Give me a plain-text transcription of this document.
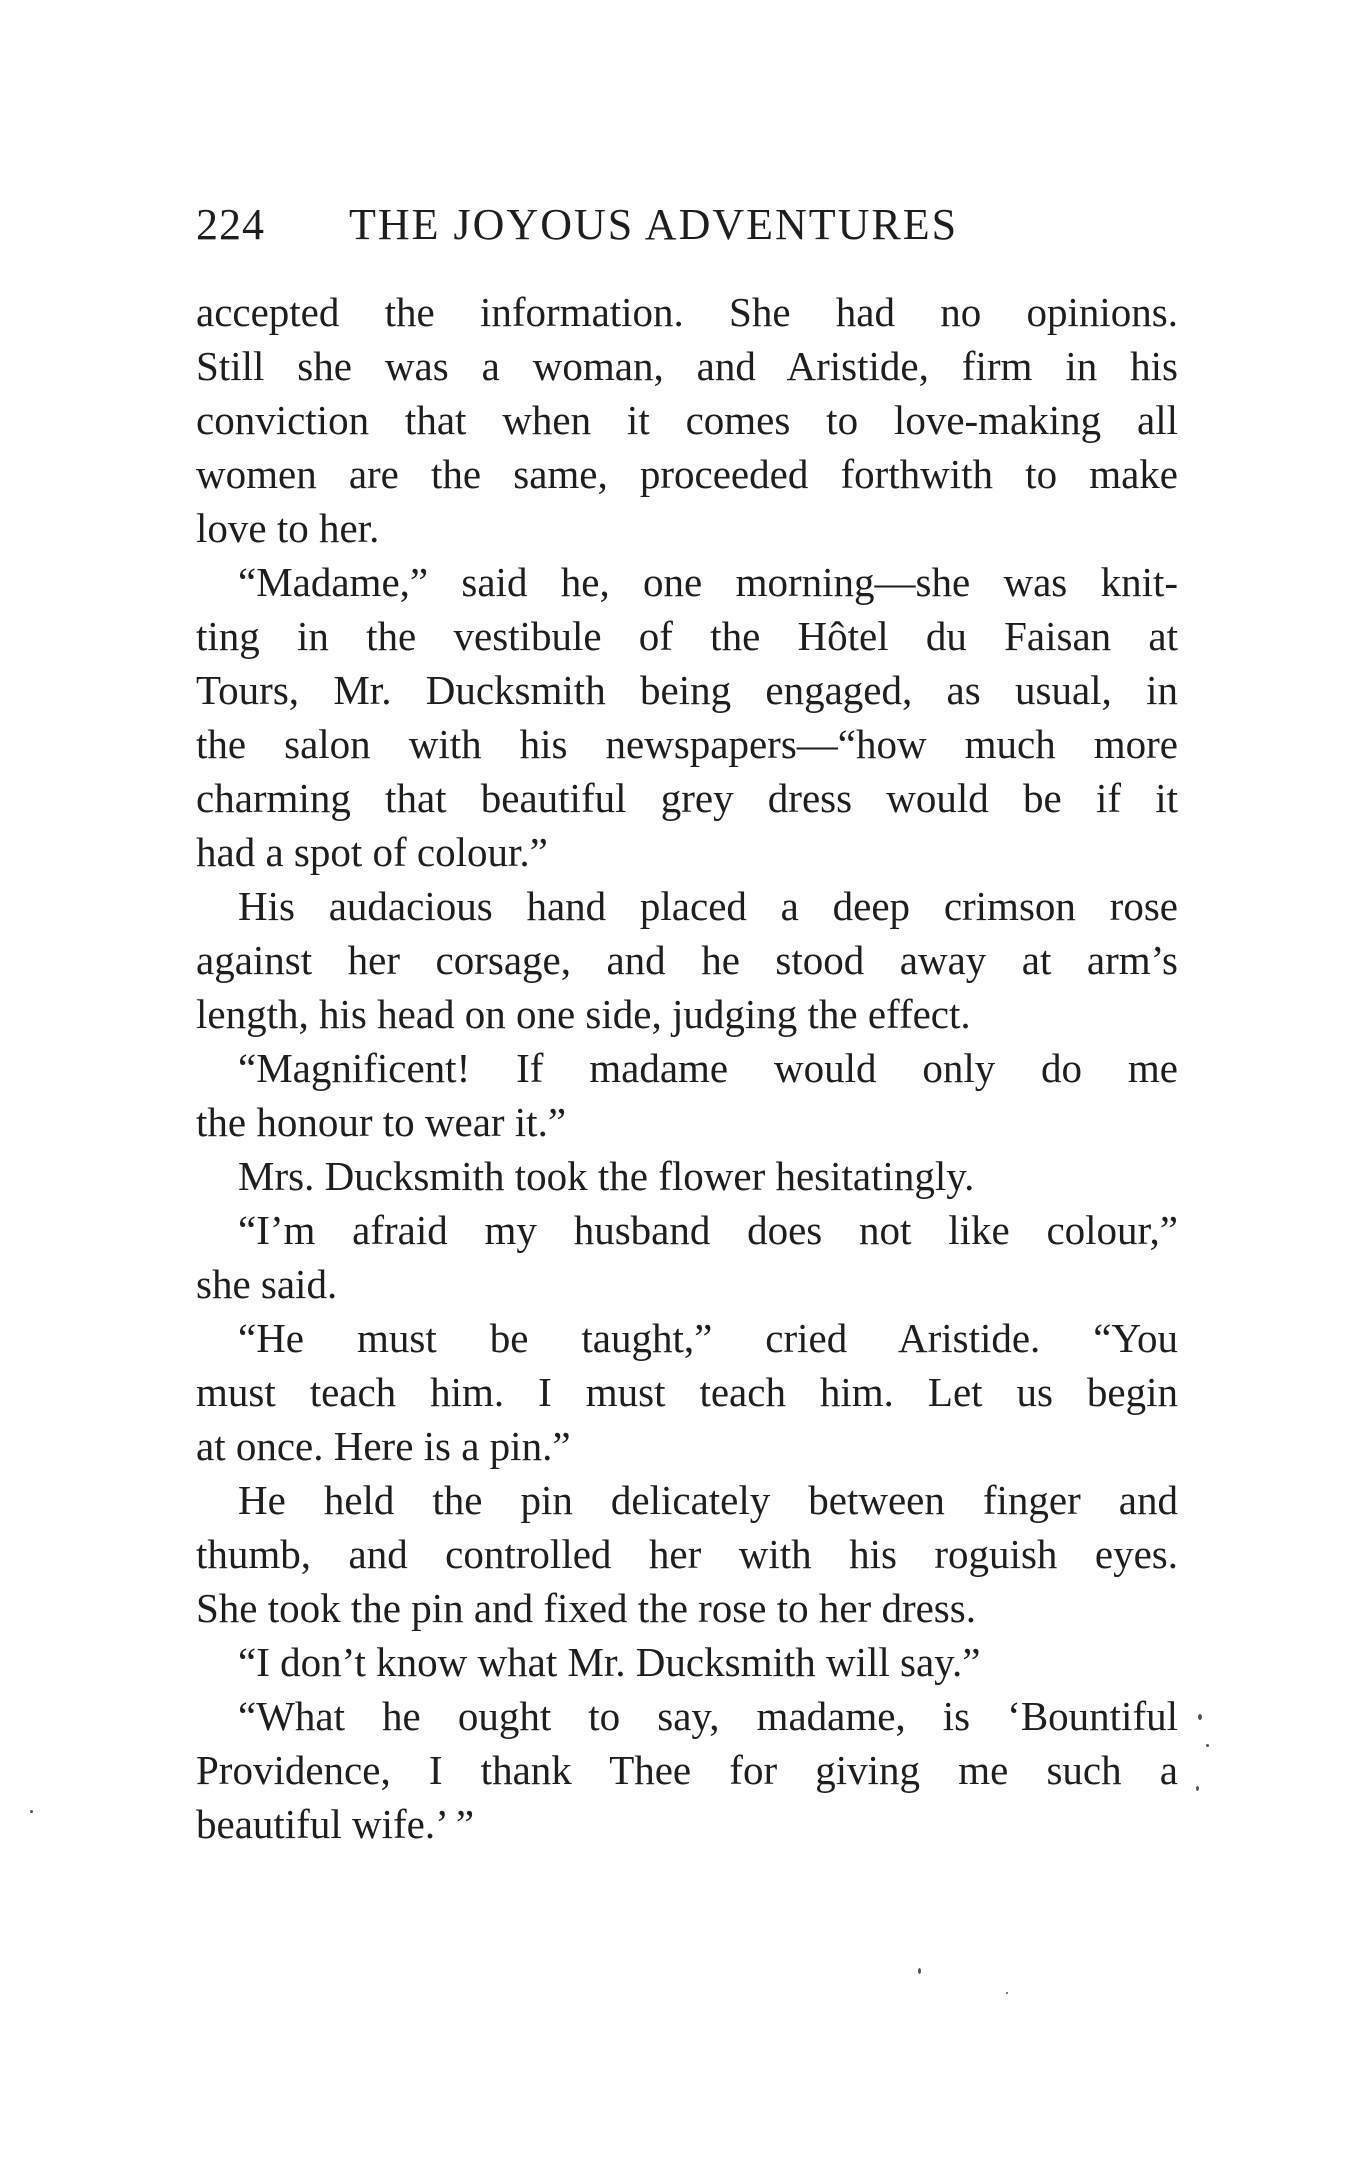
224 THE JOYOUS ADVENTURES
accepted the information. She had no opinions.
Still she was a woman, and Aristide, firm in his
conviction that when it comes to love-making all
women are the same, proceeded forthwith to make
love to her.
“Madame,” said he, one morning—she was knit-
ting in the vestibule of the Hôtel du Faisan at
Tours, Mr. Ducksmith being engaged, as usual, in
the salon with his newspapers—“how much more
charming that beautiful grey dress would be if it
had a spot of colour.”
His audacious hand placed a deep crimson rose
against her corsage, and he stood away at arm’s
length, his head on one side, judging the effect.
“Magnificent! If madame would only do me
the honour to wear it.”
Mrs. Ducksmith took the flower hesitatingly.
“I’m afraid my husband does not like colour,”
she said.
“He must be taught,” cried Aristide. “You
must teach him. I must teach him. Let us begin
at once. Here is a pin.”
He held the pin delicately between finger and
thumb, and controlled her with his roguish eyes.
She took the pin and fixed the rose to her dress.
“I don’t know what Mr. Ducksmith will say.”
“What he ought to say, madame, is ‘Bountiful
Providence, I thank Thee for giving me such a
beautiful wife.’ ”
